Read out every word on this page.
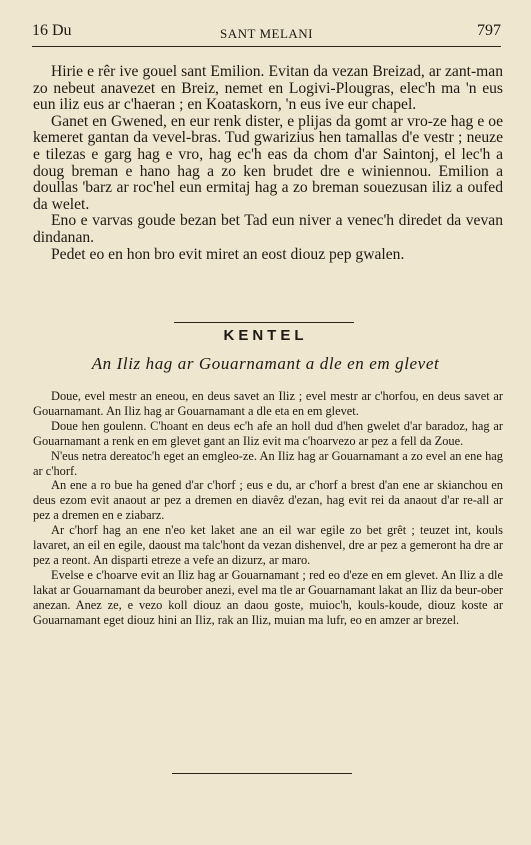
16 Du	SANT MELANI	797

Hirie e rêr ive gouel sant Emilion. Evitan da vezan Breizad, ar zant-man zo nebeut anavezet en Breiz, nemet en Logivi-Plougras, elec'h ma 'n eus eun iliz eus ar c'haeran ; en Koataskorn, 'n eus ive eur chapel.

Ganet en Gwened, en eur renk dister, e plijas da gomt ar vro-ze hag e oe kemeret gantan da vevel-bras. Tud gwarizius hen tamallas d'e vestr ; neuze e tilezas e garg hag e vro, hag ec'h eas da chom d'ar Saintonj, el lec'h a doug breman e hano hag a zo ken brudet dre e winiennou. Emilion a doullas 'barz ar roc'hel eun ermitaj hag a zo breman souezusan iliz a oufed da welet.

Eno e varvas goude bezan bet Tad eun niver a venec'h diredet da vevan dindanan.

Pedet eo en hon bro evit miret an eost diouz pep gwalen.

KENTEL
An Iliz hag ar Gouarnamant a dle en em glevet

Doue, evel mestr an eneou, en deus savet an Iliz ; evel mestr ar c'horfou, en deus savet ar Gouarnamant. An Iliz hag ar Gouarnamant a dle eta en em glevet.

Doue hen goulenn. C'hoant en deus ec'h afe an holl dud d'hen gwelet d'ar baradoz, hag ar Gouarnamant a renk en em glevet gant an Iliz evit ma c'hoarvezo ar pez a fell da Zoue.

N'eus netra dereatoc'h eget an emgleo-ze. An Iliz hag ar Gouarnamant a zo evel an ene hag ar c'horf.

An ene a ro bue ha gened d'ar c'horf ; eus e du, ar c'horf a brest d'an ene ar skianchou en deus ezom evit anaout ar pez a dremen en diavêz d'ezan, hag evit rei da anaout d'ar re-all ar pez a dremen en e ziabarz.

Ar c'horf hag an ene n'eo ket laket ane an eil war egile zo bet grêt ; teuzet int, kouls lavaret, an eil en egile, daoust ma talc'hont da vezan dishenvel, dre ar pez a gemeront ha dre ar pez a reont. An disparti etreze a vefe an dizurz, ar maro.

Evelse e c'hoarve evit an Iliz hag ar Gouarnamant ; red eo d'eze en em glevet. An Iliz a dle lakat ar Gouarnamant da beurober anezi, evel ma tle ar Gouarnamant lakat an Iliz da beur-ober anezan. Anez ze, e vezo koll diouz an daou goste, muioc'h, kouls-koude, diouz koste ar Gouarnamant eget diouz hini an Iliz, rak an Iliz, muian ma lufr, eo en amzer ar brezel.
